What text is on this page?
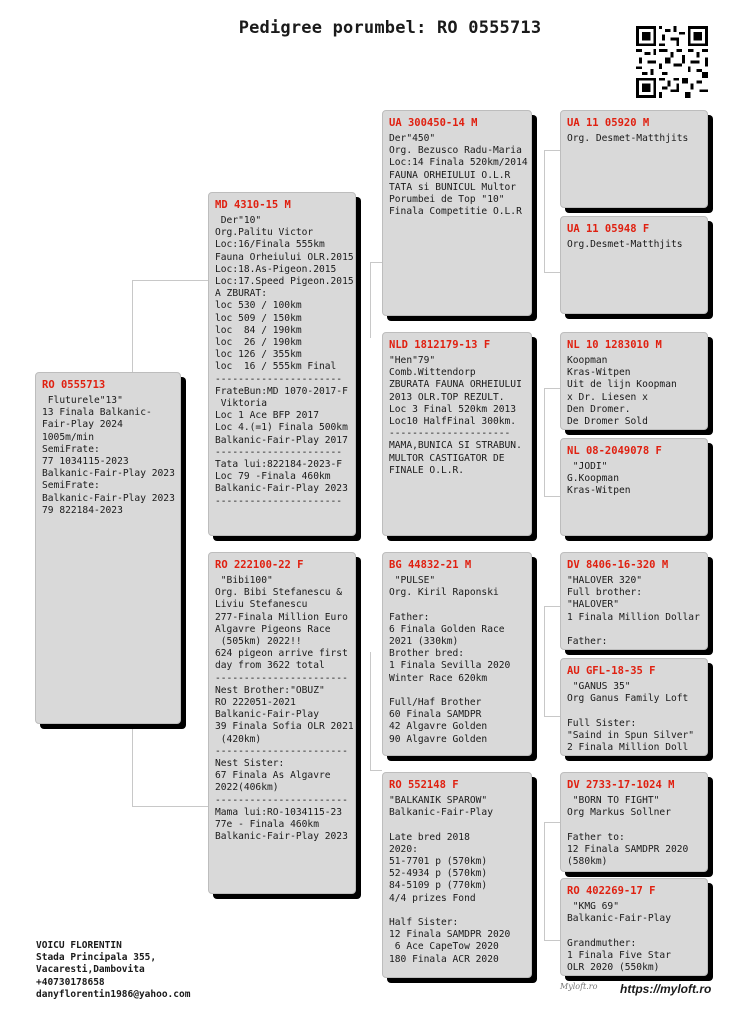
Pedigree porumbel: RO 0555713
RO 0555713
Fluturele"13"
13 Finala Balkanic-
Fair-Play 2024
1005m/min
SemiFrate:
77 1034115-2023
Balkanic-Fair-Play 2023
SemiFrate:
Balkanic-Fair-Play 2023
79 822184-2023
MD 4310-15 M
Der"10"
Org.Palitu Victor
Loc:16/Finala 555km
Fauna Orheiului OLR.2015
Loc:18.As-Pigeon.2015
Loc:17.Speed Pigeon.2015
A ZBURAT:
loc 530 / 100km
loc 509 / 150km
loc  84 / 190km
loc  26 / 190km
loc 126 / 355km
loc  16 / 555km Final
----------------------
FrateBun:MD 1070-2017-F
Viktoria
Loc 1 Ace BFP 2017
Loc 4.(=1) Finala 500km
Balkanic-Fair-Play 2017
----------------------
Tata lui:822184-2023-F
Loc 79 -Finala 460km
Balkanic-Fair-Play 2023
----------------------
RO 222100-22 F
"Bibi100"
Org. Bibi Stefanescu &
Liviu Stefanescu
277-Finala Million Euro
Algavre Pigeons Race
(505km) 2022!!
624 pigeon arrive first
day from 3622 total
-----------------------
Nest Brother:"OBUZ"
RO 222051-2021
Balkanic-Fair-Play
39 Finala Sofia OLR 2021
(420km)
-----------------------
Nest Sister:
67 Finala As Algavre
2022(406km)
-----------------------
Mama lui:RO-1034115-23
77e - Finala 460km
Balkanic-Fair-Play 2023
UA 300450-14 M
Der"450"
Org. Bezusco Radu-Maria
Loc:14 Finala 520km/2014
FAUNA ORHEIULUI O.L.R
TATA si BUNICUL Multor
Porumbei de Top "10"
Finala Competitie O.L.R
NLD 1812179-13 F
"Hen"79"
Comb.Wittendorp
ZBURATA FAUNA ORHEIULUI
2013 OLR.TOP REZULT.
Loc 3 Final 520km 2013
Loc10 HalfFinal 300km.
---------------------
MAMA,BUNICA SI STRABUN.
MULTOR CASTIGATOR DE
FINALE O.L.R.
BG 44832-21 M
"PULSE"
Org. Kiril Raponski

Father:
6 Finala Golden Race
2021 (330km)
Brother bred:
1 Finala Sevilla 2020
Winter Race 620km

Full/Haf Brother
60 Finala SAMDPR
42 Algavre Golden
90 Algavre Golden
RO 552148 F
"BALKANIK SPAROW"
Balkanic-Fair-Play

Late bred 2018
2020:
51-7701 p (570km)
52-4934 p (570km)
84-5109 p (770km)
4/4 prizes Fond

Half Sister:
12 Finala SAMDPR 2020
6 Ace CapeTow 2020
180 Finala ACR 2020
UA 11 05920 M
Org. Desmet-Matthjits
UA 11 05948 F
Org.Desmet-Matthjits
NL 10 1283010 M
Koopman
Kras-Witpen
Uit de lijn Koopman
x Dr. Liesen x
Den Dromer.
De Dromer Sold
NL 08-2049078 F
"JODI"
G.Koopman
Kras-Witpen
DV 8406-16-320 M
"HALOVER 320"
Full brother:
"HALOVER"
1 Finala Million Dollar

Father:
AU GFL-18-35 F
"GANUS 35"
Org Ganus Family Loft

Full Sister:
"Saind in Spun Silver"
2 Finala Million Doll
DV 2733-17-1024 M
"BORN TO FIGHT"
Org Markus Sollner

Father to:
12 Finala SAMDPR 2020
(580km)
RO 402269-17 F
"KMG 69"
Balkanic-Fair-Play

Grandmuther:
1 Finala Five Star
OLR 2020 (550km)
VOICU FLORENTIN
Stada Principala 355,
Vacaresti,Dambovita
+40730178658
danyflorentin1986@yahoo.com
Myloft.ro https://myloft.ro
